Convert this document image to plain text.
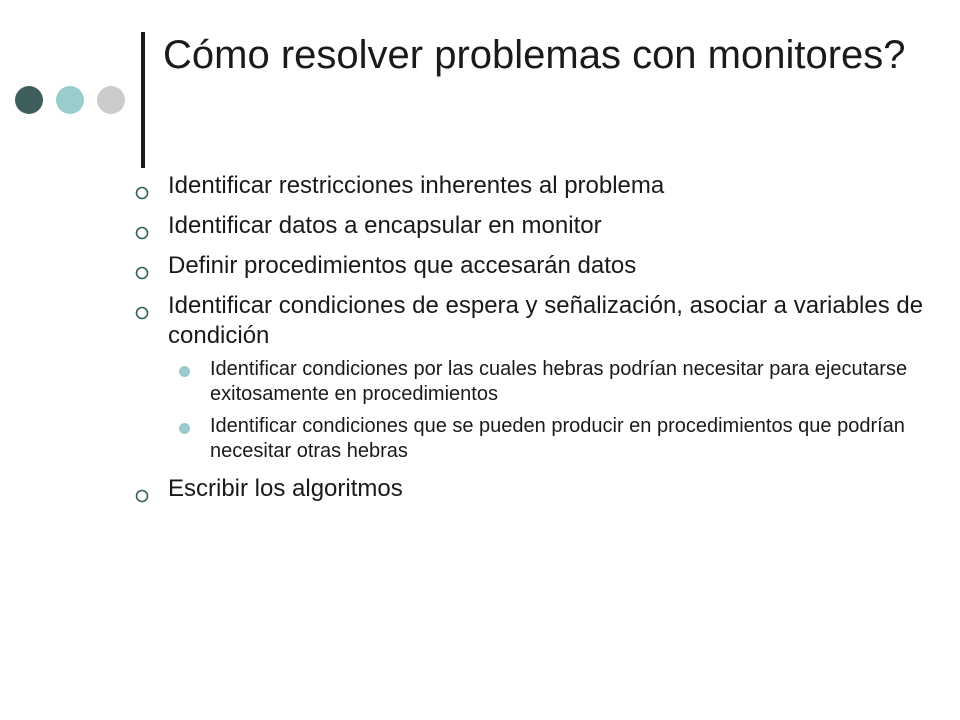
Cómo resolver problemas con monitores?
Identificar restricciones inherentes al problema
Identificar datos a encapsular en monitor
Definir procedimientos que accesarán datos
Identificar condiciones de espera y señalización, asociar a variables de condición
Identificar condiciones por las cuales hebras podrían necesitar para ejecutarse exitosamente en procedimientos
Identificar condiciones que se pueden producir en procedimientos que podrían necesitar otras hebras
Escribir los algoritmos
